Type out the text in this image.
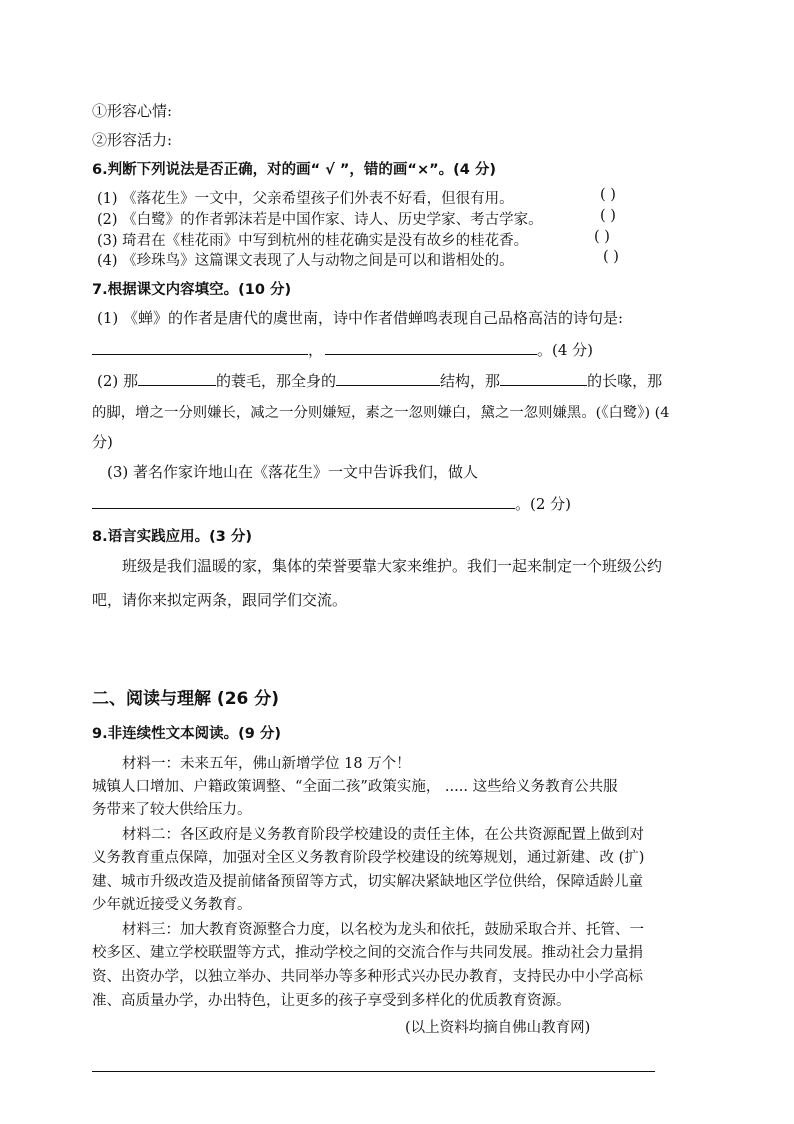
①形容心情:
②形容活力:
6.判断下列说法是否正确，对的画“ √ ”，错的画“×”。(4 分)
(1) 《落花生》一文中，父亲希望孩子们外表不好看，但很有用。	( )
(2) 《白鹭》的作者郭沫若是中国作家、诗人、历史学家、考古学家。	( )
(3) 琦君在《桂花雨》中写到杭州的桂花确实是没有故乡的桂花香。	( )
(4) 《珍珠鸟》这篇课文表现了人与动物之间是可以和谐相处的。	( )
7.根据课文内容填空。(10 分)
(1) 《蝉》的作者是唐代的虞世南，诗中作者借蝉鸣表现自己品格高洁的诗句是:
，	。(4 分)
(2) 那	的蓑毛，那全身的	结构，那	的长喙，那
的脚，增之一分则嫌长，减之一分则嫌短，素之一忽则嫌白，黛之一忽则嫌黑。(《白鹭》) (4
分)
(3) 著名作家许地山在《落花生》一文中告诉我们，做人
。(2 分)
8.语言实践应用。(3 分)
班级是我们温暖的家，集体的荣誉要靠大家来维护。我们一起来制定一个班级公约
吧，请你来拟定两条，跟同学们交流。
二、阅读与理解 (26 分)
9.非连续性文本阅读。(9 分)
材料一：未来五年，佛山新增学位 18 万个！
城镇人口增加、户籍政策调整、“全面二孩”政策实施， ..... 这些给义务教育公共服
务带来了较大供给压力。
材料二：各区政府是义务教育阶段学校建设的责任主体，在公共资源配置上做到对
义务教育重点保障，加强对全区义务教育阶段学校建设的统筹规划，通过新建、改 (扩)
建、城市升级改造及提前储备预留等方式，切实解决紧缺地区学位供给，保障适龄儿童
少年就近接受义务教育。
材料三：加大教育资源整合力度，以名校为龙头和依托，鼓励采取合并、托管、一
校多区、建立学校联盟等方式，推动学校之间的交流合作与共同发展。推动社会力量捐
资、出资办学，以独立举办、共同举办等多种形式兴办民办教育，支持民办中小学高标
准、高质量办学，办出特色，让更多的孩子享受到多样化的优质教育资源。
(以上资料均摘自佛山教育网)
